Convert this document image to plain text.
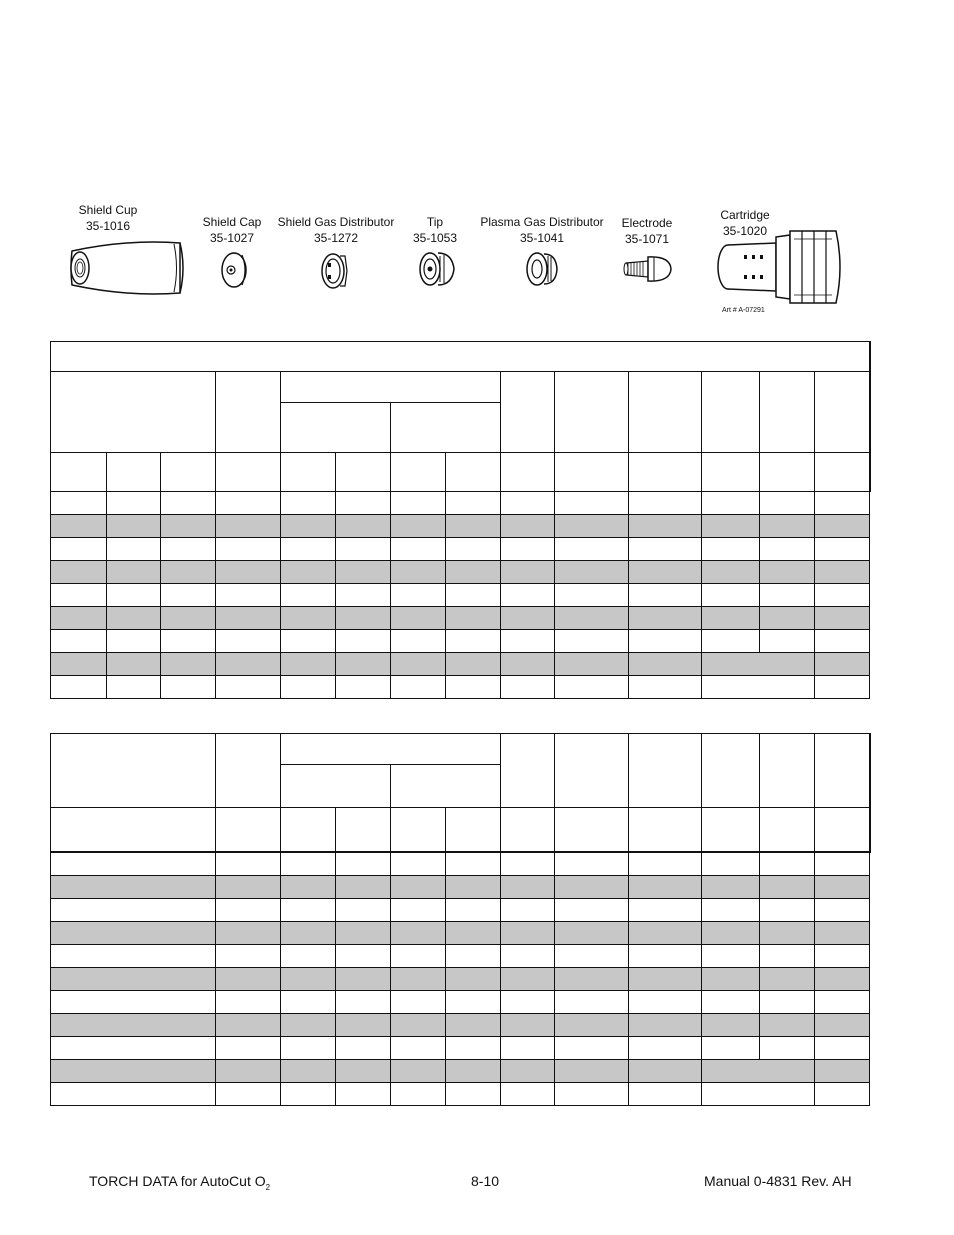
Shield Cup
35-1016	Shield Cap
35-1027
Shield Gas Distributor
35-1272
Tip
35-1053
Plasma Gas Distributor
35-1041
Electrode
35-1071
Cartridge
35-1020
Art # A-07291

TORCH DATA for AutoCut $O_2$	8-10	Manual 0-4831 Rev. AH
